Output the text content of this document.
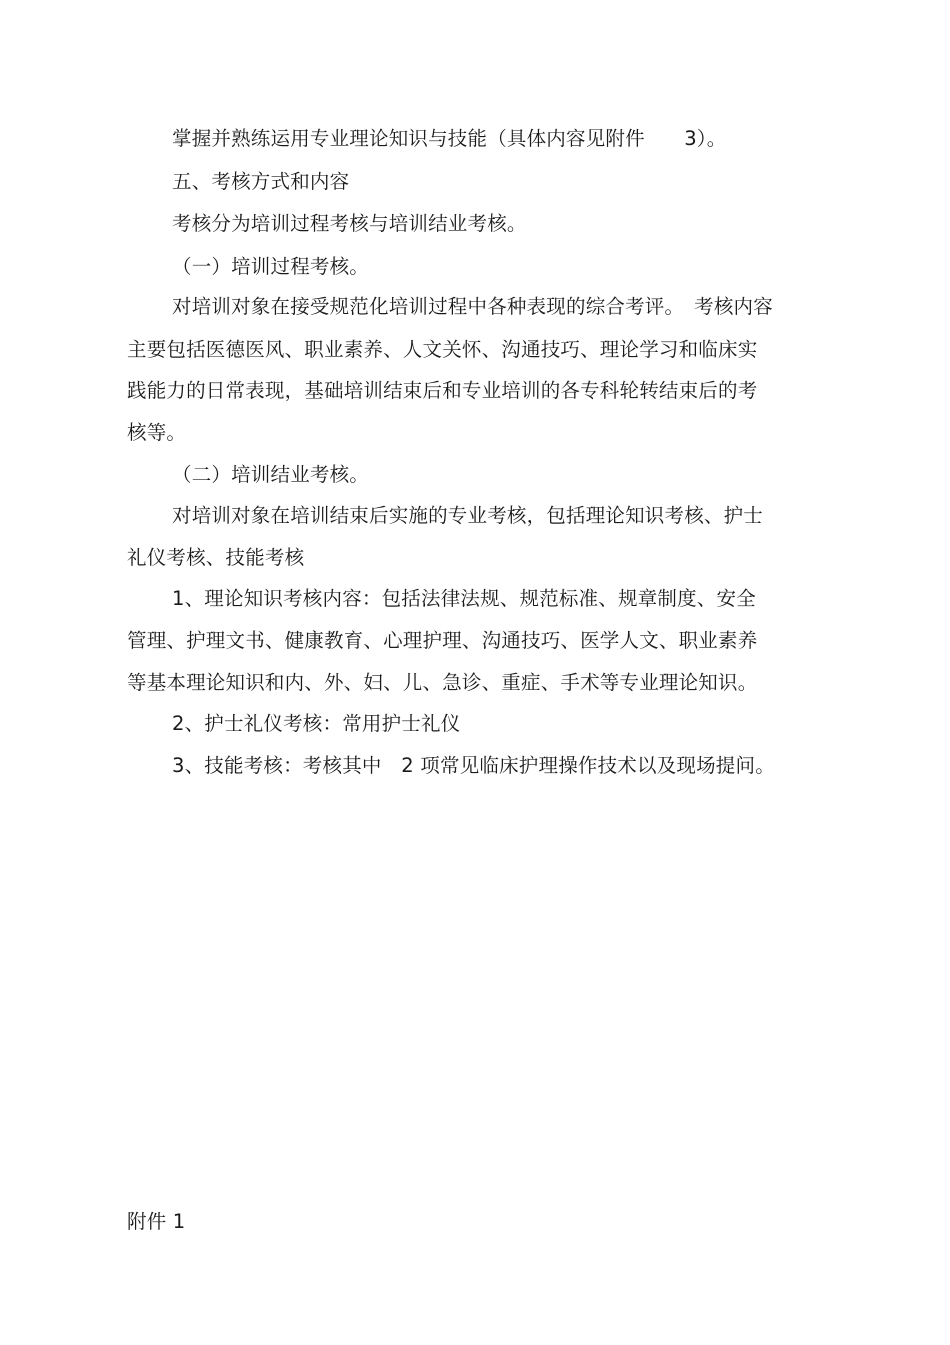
掌握并熟练运用专业理论知识与技能（具体内容见附件　　3）。
五、考核方式和内容
考核分为培训过程考核与培训结业考核。
（一）培训过程考核。
对培训对象在接受规范化培训过程中各种表现的综合考评。　考核内容
主要包括医德医风、职业素养、人文关怀、沟通技巧、理论学习和临床实
践能力的日常表现，基础培训结束后和专业培训的各专科轮转结束后的考
核等。
（二）培训结业考核。
对培训对象在培训结束后实施的专业考核，包括理论知识考核、护士
礼仪考核、技能考核
1、理论知识考核内容：包括法律法规、规范标准、规章制度、安全
管理、护理文书、健康教育、心理护理、沟通技巧、医学人文、职业素养
等基本理论知识和内、外、妇、儿、急诊、重症、手术等专业理论知识。
2、护士礼仪考核：常用护士礼仪
3、技能考核：考核其中　2 项常见临床护理操作技术以及现场提问。
附件 1
